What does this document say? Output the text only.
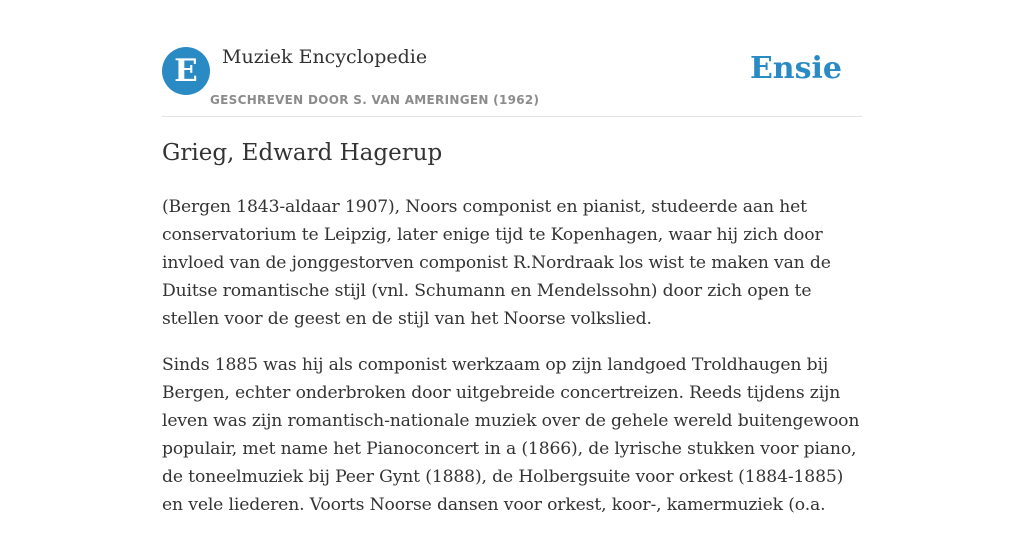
E	Muziek Encyclopedie
GESCHREVEN DOOR S. VAN AMERINGEN (1962)
Ensie
Grieg, Edward Hagerup

(Bergen 1843-aldaar 1907), Noors componist en pianist, studeerde aan het conservatorium te Leipzig, later enige tijd te Kopenhagen, waar hij zich door invloed van de jonggestorven componist R.Nordraak los wist te maken van de Duitse romantische stijl (vnl. Schumann en Mendelssohn) door zich open te stellen voor de geest en de stijl van het Noorse volkslied.

Sinds 1885 was hij als componist werkzaam op zijn landgoed Troldhaugen bij Bergen, echter onderbroken door uitgebreide concertreizen. Reeds tijdens zijn leven was zijn romantisch-nationale muziek over de gehele wereld buitengewoon populair, met name het Pianoconcert in a (1866), de lyrische stukken voor piano, de toneelmuziek bij Peer Gynt (1888), de Holbergsuite voor orkest (1884-1885) en vele liederen. Voorts Noorse dansen voor orkest, koor-, kamermuziek (o.a.
